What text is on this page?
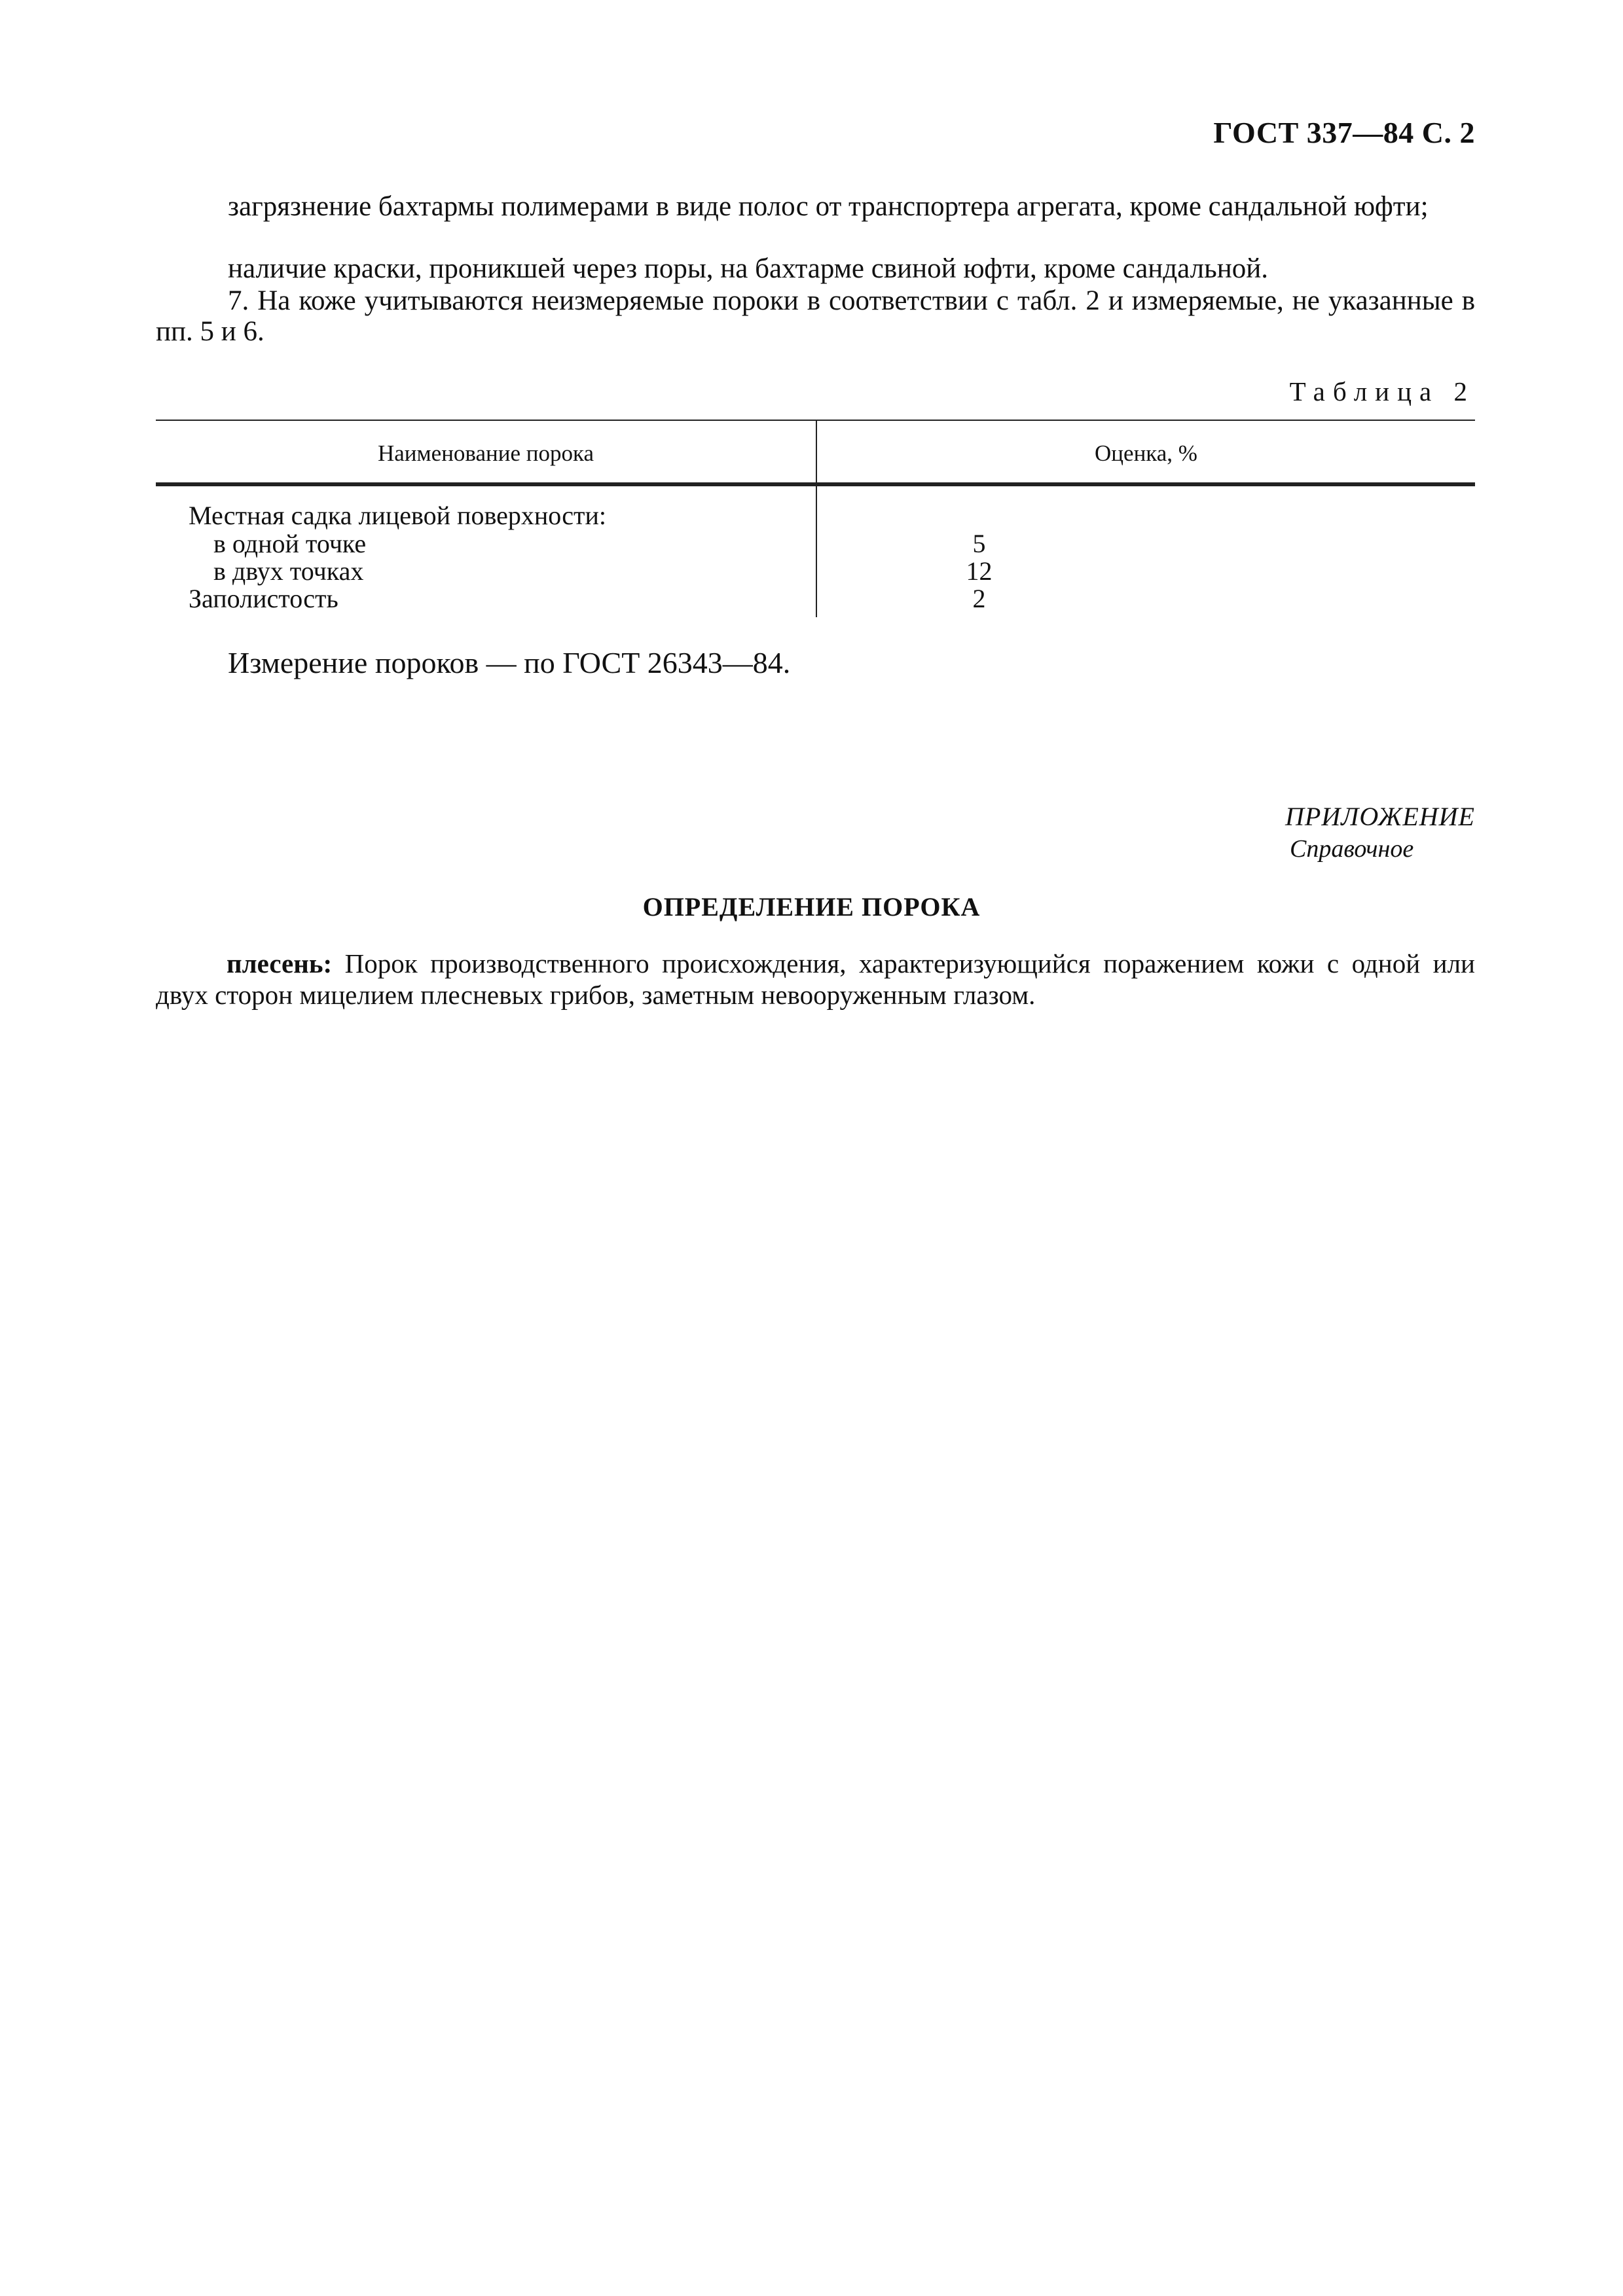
ГОСТ 337—84 С. 2

загрязнение бахтармы полимерами в виде полос от транспортера агрегата, кроме сандальной юфти;

наличие краски, проникшей через поры, на бахтарме свиной юфти, кроме сандальной.

7. На коже учитываются неизмеряемые пороки в соответствии с табл. 2 и измеряемые, не указанные в пп. 5 и 6.

Таблица 2
Наименование порока	Оценка, %
Местная садка лицевой поверхности:
в одной точке	5
в двух точках	12
Заполистость	2
Измерение пороков — по ГОСТ 26343—84.
ПРИЛОЖЕНИЕ
Справочное
ОПРЕДЕЛЕНИЕ ПОРОКА

плесень: Порок производственного происхождения, характеризующийся поражением кожи с одной или двух сторон мицелием плесневых грибов, заметным невооруженным глазом.
